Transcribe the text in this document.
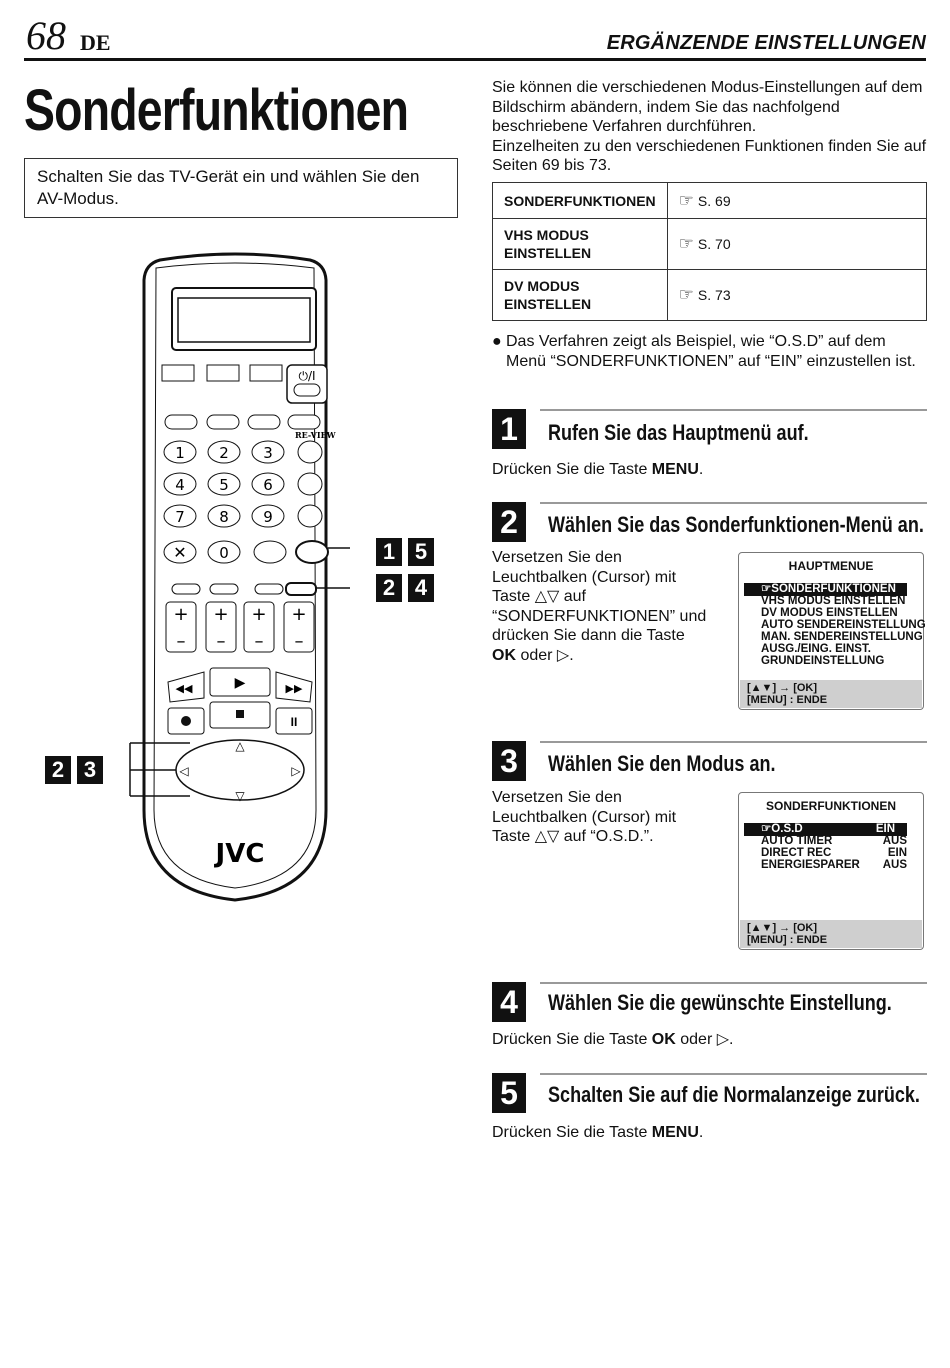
68 DE	ERGÄNZENDE EINSTELLUNGEN
Sonderfunktionen
Schalten Sie das TV-Gerät ein und wählen Sie den AV-Modus.
Sie können die verschiedenen Modus-Einstellungen auf dem Bildschirm abändern, indem Sie das nachfolgend beschriebene Verfahren durchführen.
Einzelheiten zu den verschiedenen Funktionen finden Sie auf Seiten 69 bis 73.
SONDERFUNKTIONEN	☞ S. 69
VHS MODUS EINSTELLEN	☞ S. 70
DV MODUS EINSTELLEN	☞ S. 73
● Das Verfahren zeigt als Beispiel, wie “O.S.D” auf dem Menü “SONDERFUNKTIONEN” auf “EIN” einzustellen ist.
1	Rufen Sie das Hauptmenü auf.
Drücken Sie die Taste MENU.
2	Wählen Sie das Sonderfunktionen-Menü an.
Versetzen Sie den Leuchtbalken (Cursor) mit Taste △▽ auf “SONDERFUNKTIONEN” und drücken Sie dann die Taste OK oder ▷.
HAUPTMENUE
☞SONDERFUNKTIONEN
VHS MODUS EINSTELLEN
DV MODUS EINSTELLEN
AUTO SENDEREINSTELLUNG
MAN. SENDEREINSTELLUNG
AUSG./EING. EINST.
GRUNDEINSTELLUNG
[▲▼] → [OK]
[MENU] : ENDE
3	Wählen Sie den Modus an.
Versetzen Sie den Leuchtbalken (Cursor) mit Taste △▽ auf “O.S.D.”.
SONDERFUNKTIONEN
☞O.S.D	EIN
AUTO TIMER	AUS
DIRECT REC	EIN
ENERGIESPARER AUS
[▲▼] → [OK]
[MENU] : ENDE
4	Wählen Sie die gewünschte Einstellung.
Drücken Sie die Taste OK oder ▷.
5	Schalten Sie auf die Normalanzeige zurück.
Drücken Sie die Taste MENU.
⏻/I
RE-VIEW
1 2 3
4 5 6
7 8 9
0
✕
+
–
+
–
+
–
+
–
◀◀	▶	▶▶
II
△
▽
◁	▷
JVC
1 5
2 4
2 3
